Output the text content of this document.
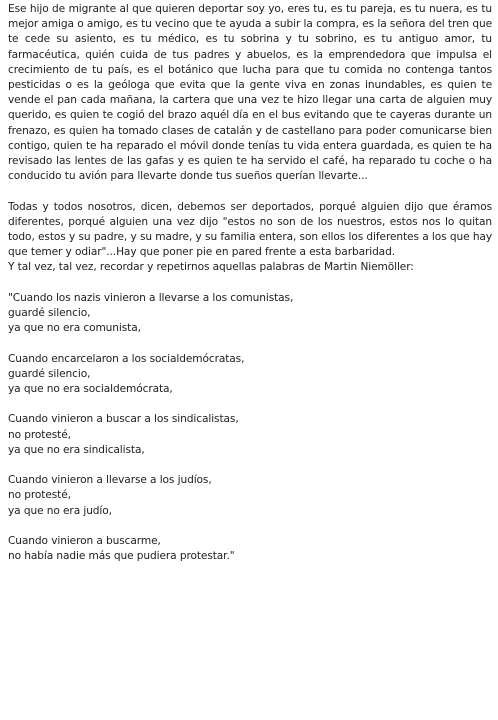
Ese hijo de migrante al que quieren deportar soy yo, eres tu, es tu pareja, es tu nuera, es tu mejor amiga o amigo, es tu vecino que te ayuda a subir la compra, es la señora del tren que te cede su asiento, es tu médico, es tu sobrina y tu sobrino, es tu antiguo amor, tu farmacéutica, quién cuida de tus padres y abuelos, es la emprendedora que impulsa el crecimiento de tu país, es el botánico que lucha para que tu comida no contenga tantos pesticidas o es la geóloga que evita que la gente viva en zonas inundables, es quien te vende el pan cada mañana, la cartera que una vez te hizo llegar una carta de alguien muy querido, es quien te cogió del brazo aquél día en el bus evitando que te cayeras durante un frenazo, es quien ha tomado clases de catalán y de castellano para poder comunicarse bien contigo, quien te ha reparado el móvil donde tenías tu vida entera guardada, es quien te ha revisado las lentes de las gafas y es quien te ha servido el café, ha reparado tu coche o ha conducido tu avión para llevarte donde tus sueños querían llevarte...

Todas y todos nosotros, dicen, debemos ser deportados, porqué alguien dijo que éramos diferentes, porqué alguien una vez dijo "estos no son de los nuestros, estos nos lo quitan todo, estos y su padre, y su madre, y su familia entera, son ellos los diferentes a los que hay que temer y odiar"...Hay que poner pie en pared frente a esta barbaridad.

Y tal vez, tal vez, recordar y repetirnos aquellas palabras de Martin Niemöller:

"Cuando los nazis vinieron a llevarse a los comunistas,

guardé silencio,

ya que no era comunista,

Cuando encarcelaron a los socialdemócratas,

guardé silencio,

ya que no era socialdemócrata,

Cuando vinieron a buscar a los sindicalistas,

no protesté,

ya que no era sindicalista,

Cuando vinieron a llevarse a los judíos,

no protesté,

ya que no era judío,

Cuando vinieron a buscarme,

no había nadie más que pudiera protestar."
